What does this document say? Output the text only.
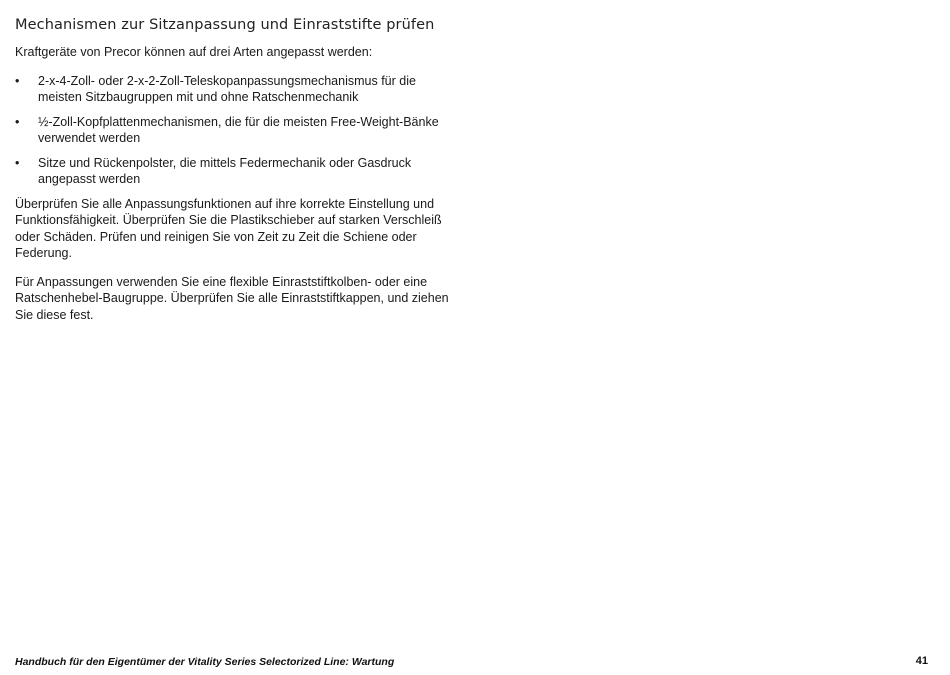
Mechanismen zur Sitzanpassung und Einraststifte prüfen

Kraftgeräte von Precor können auf drei Arten angepasst werden:

• 2-x-4-Zoll- oder 2-x-2-Zoll-Teleskopanpassungsmechanismus für die meisten Sitzbaugruppen mit und ohne Ratschenmechanik
• ½-Zoll-Kopfplattenmechanismen, die für die meisten Free-Weight-Bänke verwendet werden
• Sitze und Rückenpolster, die mittels Federmechanik oder Gasdruck angepasst werden

Überprüfen Sie alle Anpassungsfunktionen auf ihre korrekte Einstellung und Funktionsfähigkeit. Überprüfen Sie die Plastikschieber auf starken Verschleiß oder Schäden. Prüfen und reinigen Sie von Zeit zu Zeit die Schiene oder Federung.

Für Anpassungen verwenden Sie eine flexible Einraststiftkolben- oder eine Ratschenhebel-Baugruppe. Überprüfen Sie alle Einraststiftkappen, und ziehen Sie diese fest.

Handbuch für den Eigentümer der Vitality Series Selectorized Line: Wartung	41
